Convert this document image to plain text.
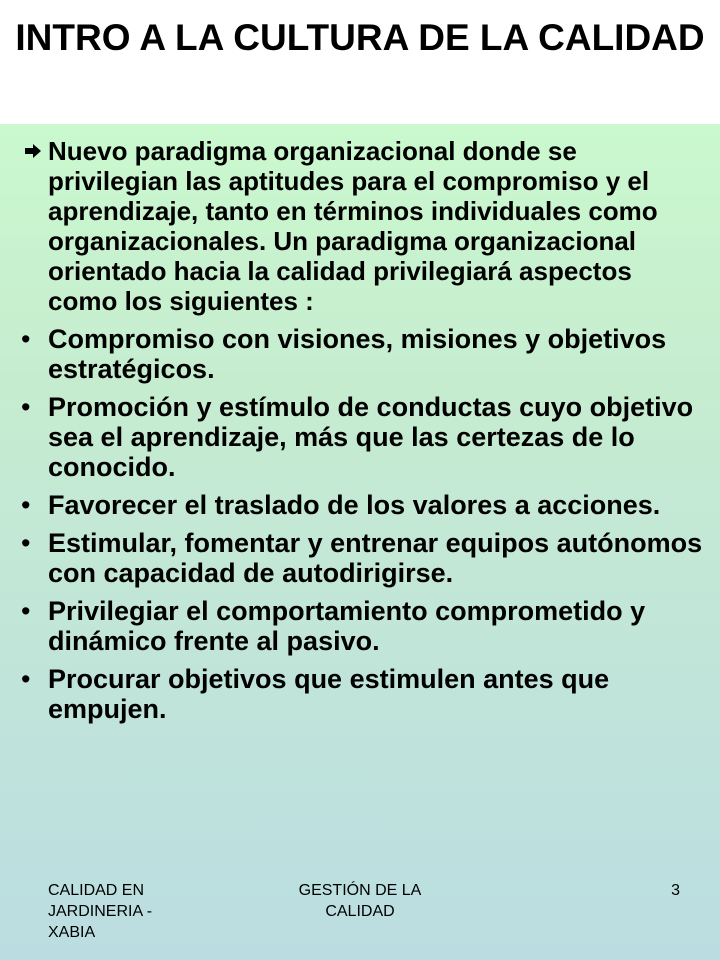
INTRO A LA CULTURA DE LA CALIDAD
Nuevo paradigma organizacional donde se privilegian las aptitudes para el compromiso y el aprendizaje, tanto en términos individuales como organizacionales. Un paradigma organizacional orientado hacia la calidad privilegiará aspectos como los siguientes :
• Compromiso con visiones, misiones y objetivos estratégicos.
• Promoción y estímulo de conductas cuyo objetivo sea el aprendizaje, más que las certezas de lo conocido.
• Favorecer el traslado de los valores a acciones.
• Estimular, fomentar y entrenar equipos autónomos con capacidad de autodirigirse.
• Privilegiar el comportamiento comprometido y dinámico frente al pasivo.
• Procurar objetivos que estimulen antes que empujen.
CALIDAD EN JARDINERIA - XABIA
GESTIÓN DE LA CALIDAD
3
